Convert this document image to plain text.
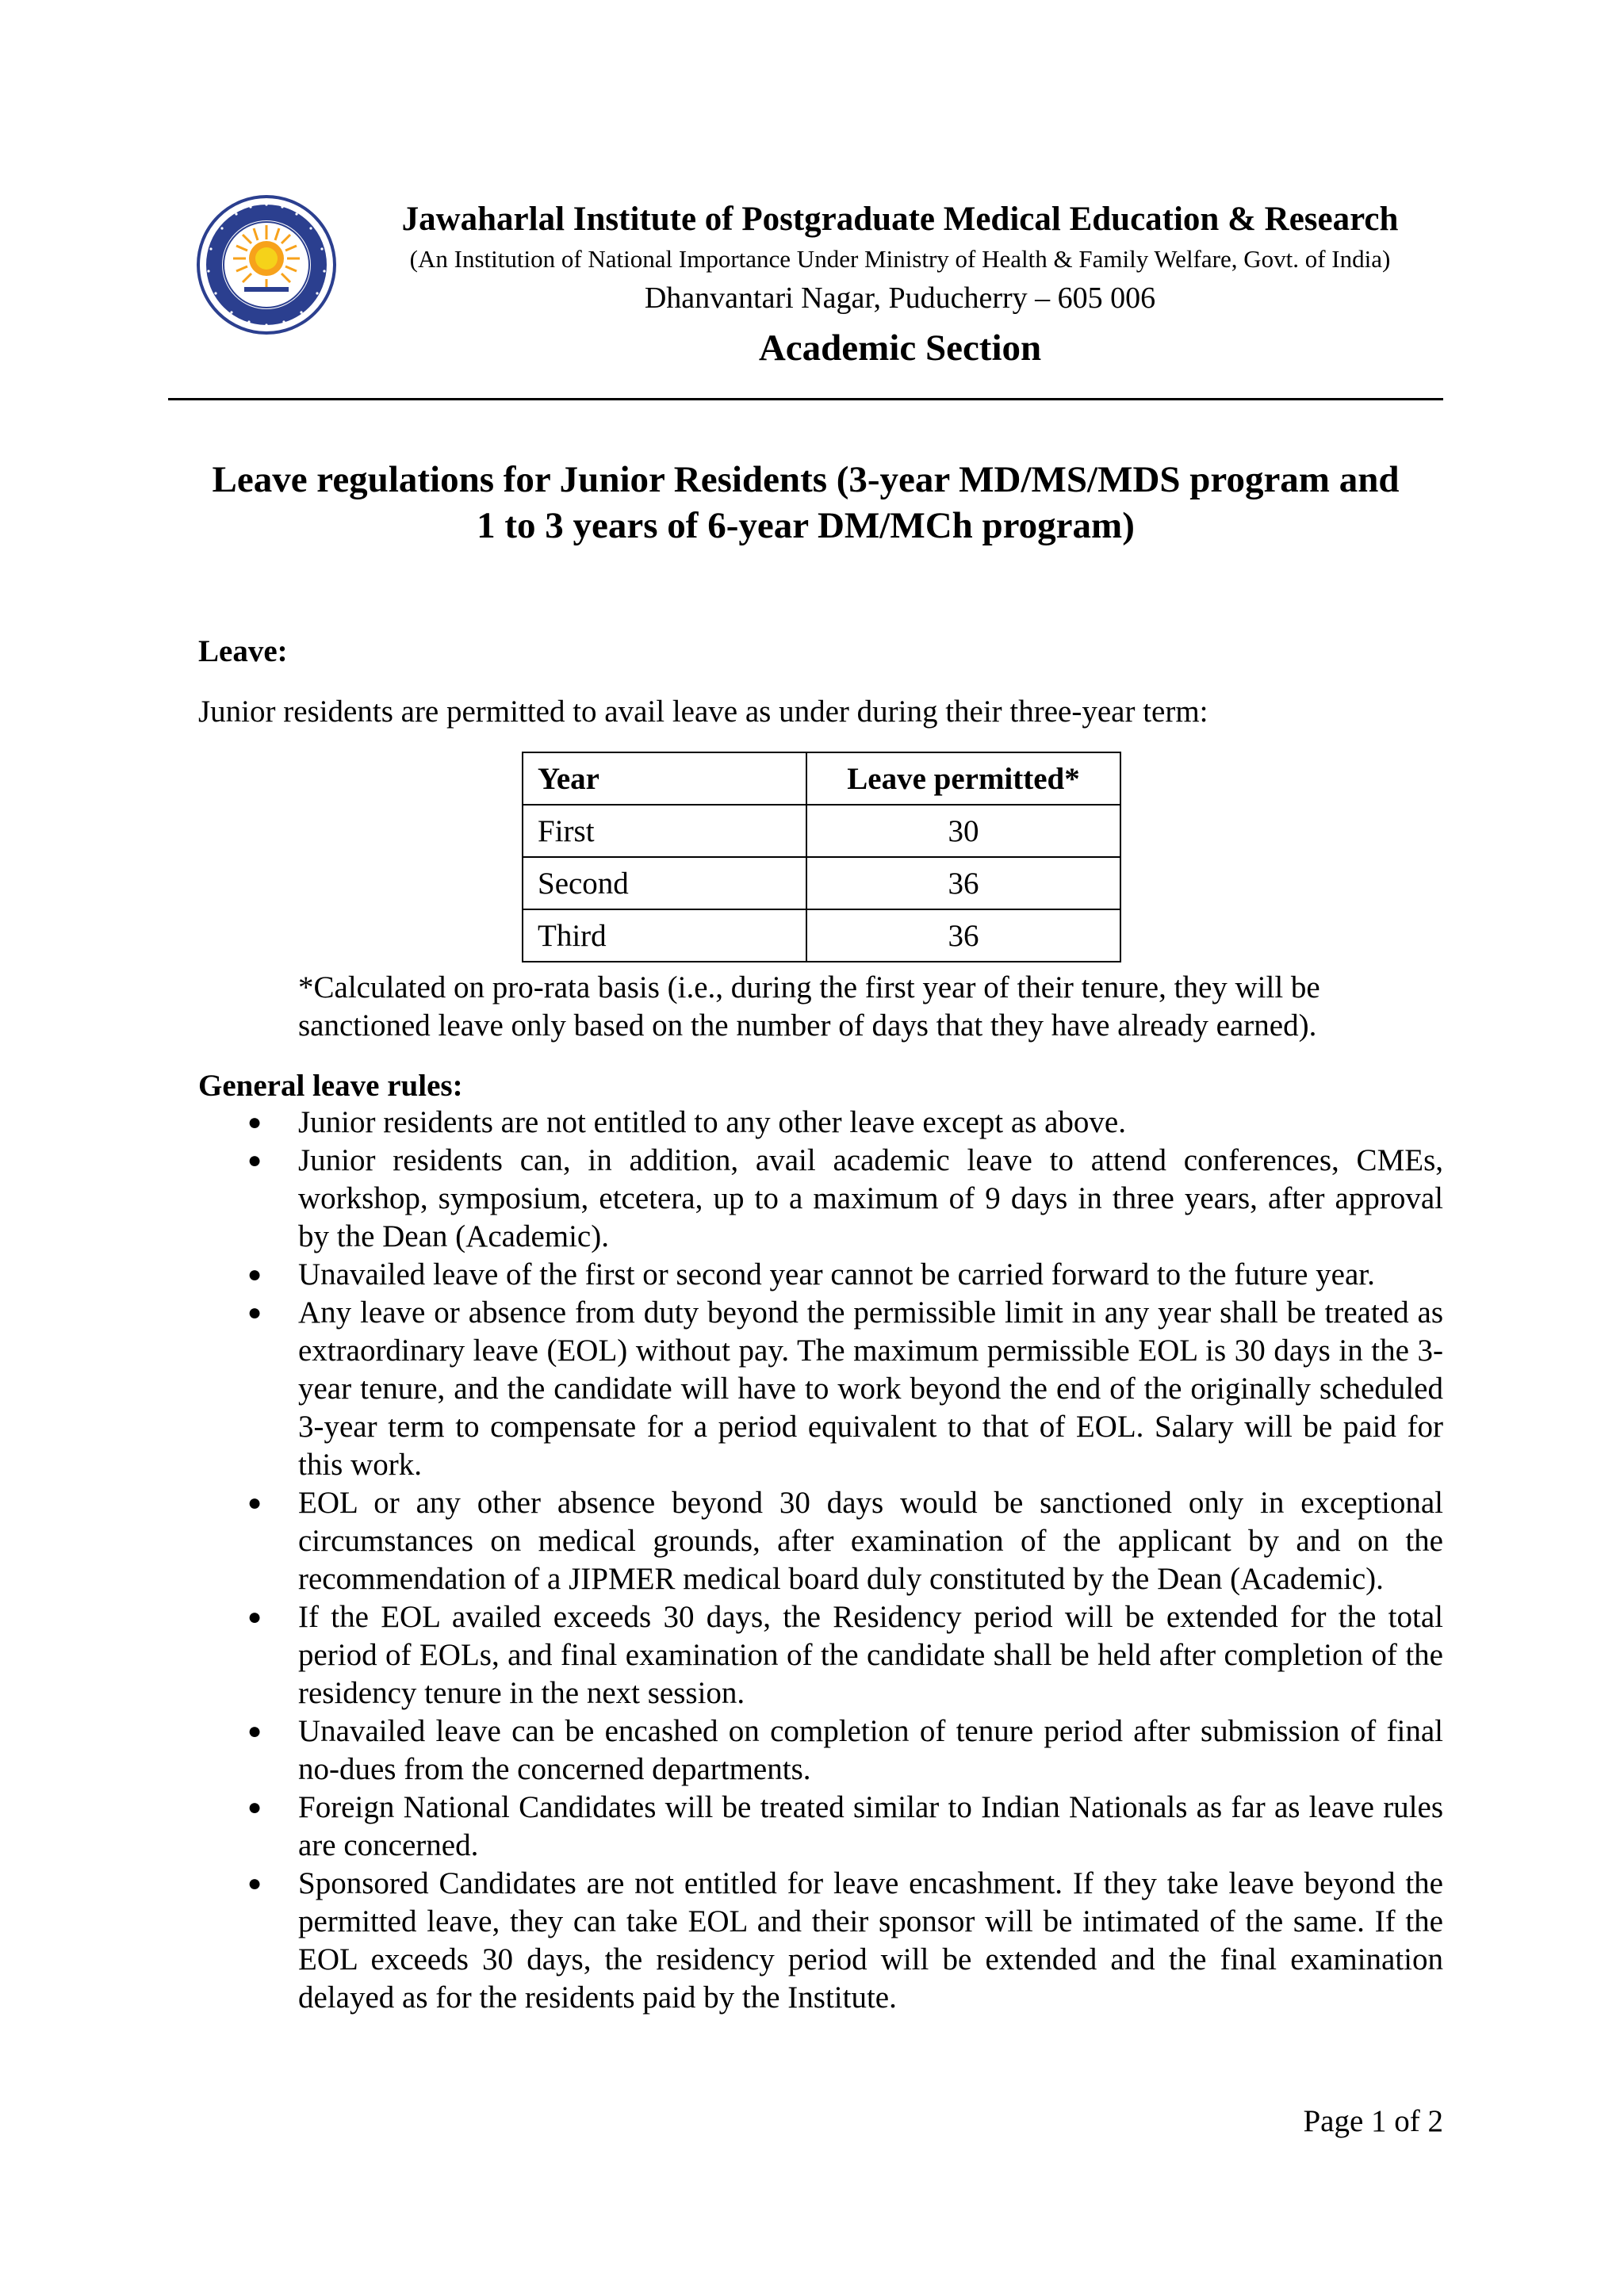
Jawaharlal Institute of Postgraduate Medical Education & Research
(An Institution of National Importance Under Ministry of Health & Family Welfare, Govt. of India)
Dhanvantari Nagar, Puducherry – 605 006
Academic Section
Leave regulations for Junior Residents (3-year MD/MS/MDS program and
1 to 3 years of 6-year DM/MCh program)
Leave:
Junior residents are permitted to avail leave as under during their three-year term:
Year	Leave permitted*
First	30
Second	36
Third	36
*Calculated on pro-rata basis (i.e., during the first year of their tenure, they will be sanctioned leave only based on the number of days that they have already earned).
General leave rules:
● Junior residents are not entitled to any other leave except as above.
● Junior residents can, in addition, avail academic leave to attend conferences, CMEs, workshop, symposium, etcetera, up to a maximum of 9 days in three years, after approval by the Dean (Academic).
● Unavailed leave of the first or second year cannot be carried forward to the future year.
● Any leave or absence from duty beyond the permissible limit in any year shall be treated as extraordinary leave (EOL) without pay. The maximum permissible EOL is 30 days in the 3-year tenure, and the candidate will have to work beyond the end of the originally scheduled 3-year term to compensate for a period equivalent to that of EOL. Salary will be paid for this work.
● EOL or any other absence beyond 30 days would be sanctioned only in exceptional circumstances on medical grounds, after examination of the applicant by and on the recommendation of a JIPMER medical board duly constituted by the Dean (Academic).
● If the EOL availed exceeds 30 days, the Residency period will be extended for the total period of EOLs, and final examination of the candidate shall be held after completion of the residency tenure in the next session.
● Unavailed leave can be encashed on completion of tenure period after submission of final no-dues from the concerned departments.
● Foreign National Candidates will be treated similar to Indian Nationals as far as leave rules are concerned.
● Sponsored Candidates are not entitled for leave encashment. If they take leave beyond the permitted leave, they can take EOL and their sponsor will be intimated of the same. If the EOL exceeds 30 days, the residency period will be extended and the final examination delayed as for the residents paid by the Institute.
Page 1 of 2
